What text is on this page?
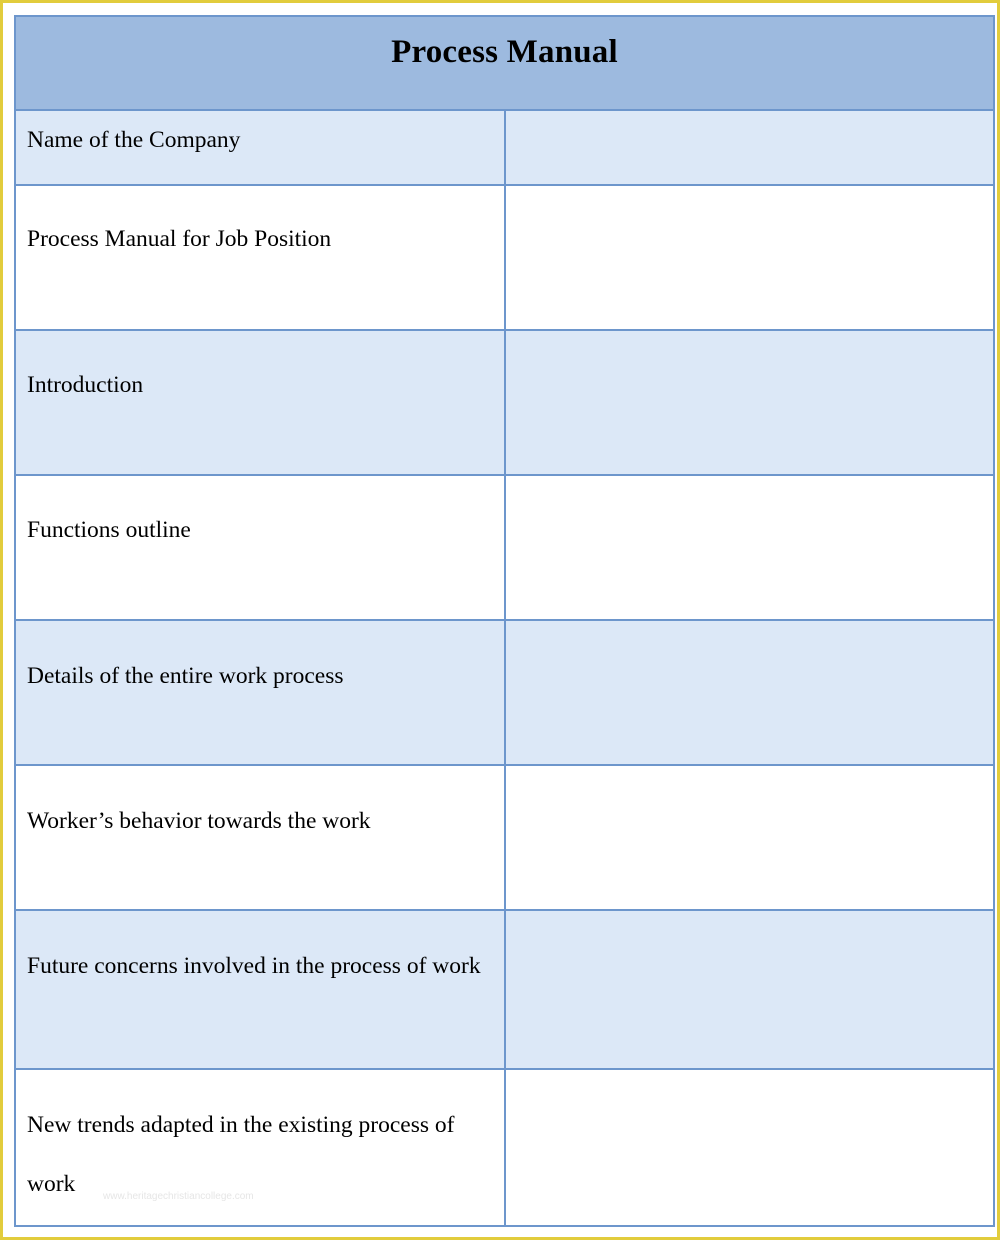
Process Manual	

Name of the Company	

Process Manual for Job Position	

Introduction	

Functions outline	

Details of the entire work process	

Worker’s behavior towards the work	

Future concerns involved in the process of work	

New trends adapted in the existing process of work	
		www.heritagechristiancollege.com
